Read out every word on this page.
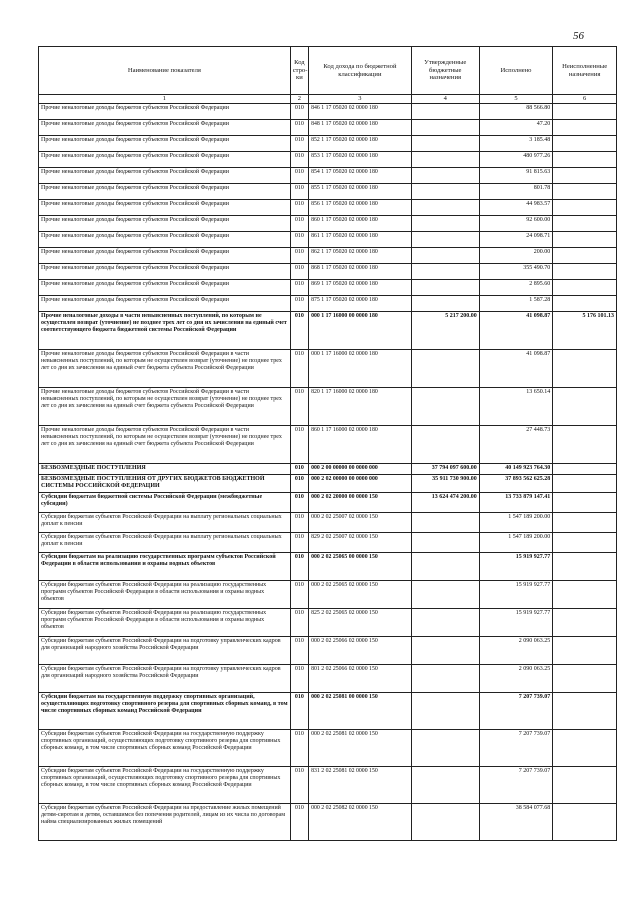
56
Наименование показателя	Код стро-ки	Код дохода по бюджетной классификации	Утвержденные бюджетные назначения	Исполнено	Неисполненные назначения
1	2	3	4	5	6
Прочие неналоговые доходы бюджетов субъектов Российской Федерации	010	846 1 17 05020 02 0000 180		88 566.80	
Прочие неналоговые доходы бюджетов субъектов Российской Федерации	010	848 1 17 05020 02 0000 180		47.20	
Прочие неналоговые доходы бюджетов субъектов Российской Федерации	010	852 1 17 05020 02 0000 180		3 185.48	
Прочие неналоговые доходы бюджетов субъектов Российской Федерации	010	853 1 17 05020 02 0000 180		480 977.26	
Прочие неналоговые доходы бюджетов субъектов Российской Федерации	010	854 1 17 05020 02 0000 180		91 815.63	
Прочие неналоговые доходы бюджетов субъектов Российской Федерации	010	855 1 17 05020 02 0000 180		801.78	
Прочие неналоговые доходы бюджетов субъектов Российской Федерации	010	856 1 17 05020 02 0000 180		44 983.57	
Прочие неналоговые доходы бюджетов субъектов Российской Федерации	010	860 1 17 05020 02 0000 180		92 600.00	
Прочие неналоговые доходы бюджетов субъектов Российской Федерации	010	861 1 17 05020 02 0000 180		24 098.71	
Прочие неналоговые доходы бюджетов субъектов Российской Федерации	010	862 1 17 05020 02 0000 180		200.00	
Прочие неналоговые доходы бюджетов субъектов Российской Федерации	010	868 1 17 05020 02 0000 180		355 490.70	
Прочие неналоговые доходы бюджетов субъектов Российской Федерации	010	869 1 17 05020 02 0000 180		2 895.60	
Прочие неналоговые доходы бюджетов субъектов Российской Федерации	010	875 1 17 05020 02 0000 180		1 587.28	
Прочие неналоговые доходы в части невыясненных поступлений, по которым не осуществлен возврат (уточнение) не позднее трех лет со дня их зачисления на единый счет соответствующего бюджета бюджетной системы Российской Федерации	010	000 1 17 16000 00 0000 180	5 217 200.00	41 098.87	5 176 101.13
Прочие неналоговые доходы бюджетов субъектов Российской Федерации в части невыясненных поступлений, по которым не осуществлен возврат (уточнение) не позднее трех лет со дня их зачисления на единый счет бюджета субъекта Российской Федерации	010	000 1 17 16000 02 0000 180		41 098.87	
Прочие неналоговые доходы бюджетов субъектов Российской Федерации в части невыясненных поступлений, по которым не осуществлен возврат (уточнение) не позднее трех лет со дня их зачисления на единый счет бюджета субъекта Российской Федерации	010	820 1 17 16000 02 0000 180		13 650.14	
Прочие неналоговые доходы бюджетов субъектов Российской Федерации в части невыясненных поступлений, по которым не осуществлен возврат (уточнение) не позднее трех лет со дня их зачисления на единый счет бюджета субъекта Российской Федерации	010	860 1 17 16000 02 0000 180		27 448.73	
БЕЗВОЗМЕЗДНЫЕ ПОСТУПЛЕНИЯ	010	000 2 00 00000 00 0000 000	37 794 097 600.00	40 149 923 764.30	
БЕЗВОЗМЕЗДНЫЕ ПОСТУПЛЕНИЯ ОТ ДРУГИХ БЮДЖЕТОВ БЮДЖЕТНОЙ СИСТЕМЫ РОССИЙСКОЙ ФЕДЕРАЦИИ	010	000 2 02 00000 00 0000 000	35 911 730 900.00	37 893 562 625.28	
Субсидии бюджетам бюджетной системы Российской Федерации (межбюджетные субсидии)	010	000 2 02 20000 00 0000 150	13 624 474 200.00	13 733 879 147.41	
Субсидии бюджетам субъектов Российской Федерации на выплату региональных социальных доплат к пенсии	010	000 2 02 25007 02 0000 150		1 547 189 200.00	
Субсидии бюджетам субъектов Российской Федерации на выплату региональных социальных доплат к пенсии	010	829 2 02 25007 02 0000 150		1 547 189 200.00	
Субсидии бюджетам на реализацию государственных программ субъектов Российской Федерации в области использования и охраны водных объектов	010	000 2 02 25065 00 0000 150		15 919 927.77	
Субсидии бюджетам субъектов Российской Федерации на реализацию государственных программ субъектов Российской Федерации в области использования и охраны водных объектов	010	000 2 02 25065 02 0000 150		15 919 927.77	
Субсидии бюджетам субъектов Российской Федерации на реализацию государственных программ субъектов Российской Федерации в области использования и охраны водных объектов	010	825 2 02 25065 02 0000 150		15 919 927.77	
Субсидии бюджетам субъектов Российской Федерации на подготовку управленческих кадров для организаций народного хозяйства Российской Федерации	010	000 2 02 25066 02 0000 150		2 090 063.25	
Субсидии бюджетам субъектов Российской Федерации на подготовку управленческих кадров для организаций народного хозяйства Российской Федерации	010	801 2 02 25066 02 0000 150		2 090 063.25	
Субсидии бюджетам на государственную поддержку спортивных организаций, осуществляющих подготовку спортивного резерва для спортивных сборных команд, в том числе спортивных сборных команд Российской Федерации	010	000 2 02 25081 00 0000 150		7 207 739.07	
Субсидии бюджетам субъектов Российской Федерации на государственную поддержку спортивных организаций, осуществляющих подготовку спортивного резерва для спортивных сборных команд, в том числе спортивных сборных команд Российской Федерации	010	000 2 02 25081 02 0000 150		7 207 739.07	
Субсидии бюджетам субъектов Российской Федерации на государственную поддержку спортивных организаций, осуществляющих подготовку спортивного резерва для спортивных сборных команд, в том числе спортивных сборных команд Российской Федерации	010	831 2 02 25081 02 0000 150		7 207 739.07	
Субсидии бюджетам субъектов Российской Федерации на предоставление жилых помещений детям-сиротам и детям, оставшимся без попечения родителей, лицам из их числа по договорам найма специализированных жилых помещений	010	000 2 02 25082 02 0000 150		38 584 077.68	
